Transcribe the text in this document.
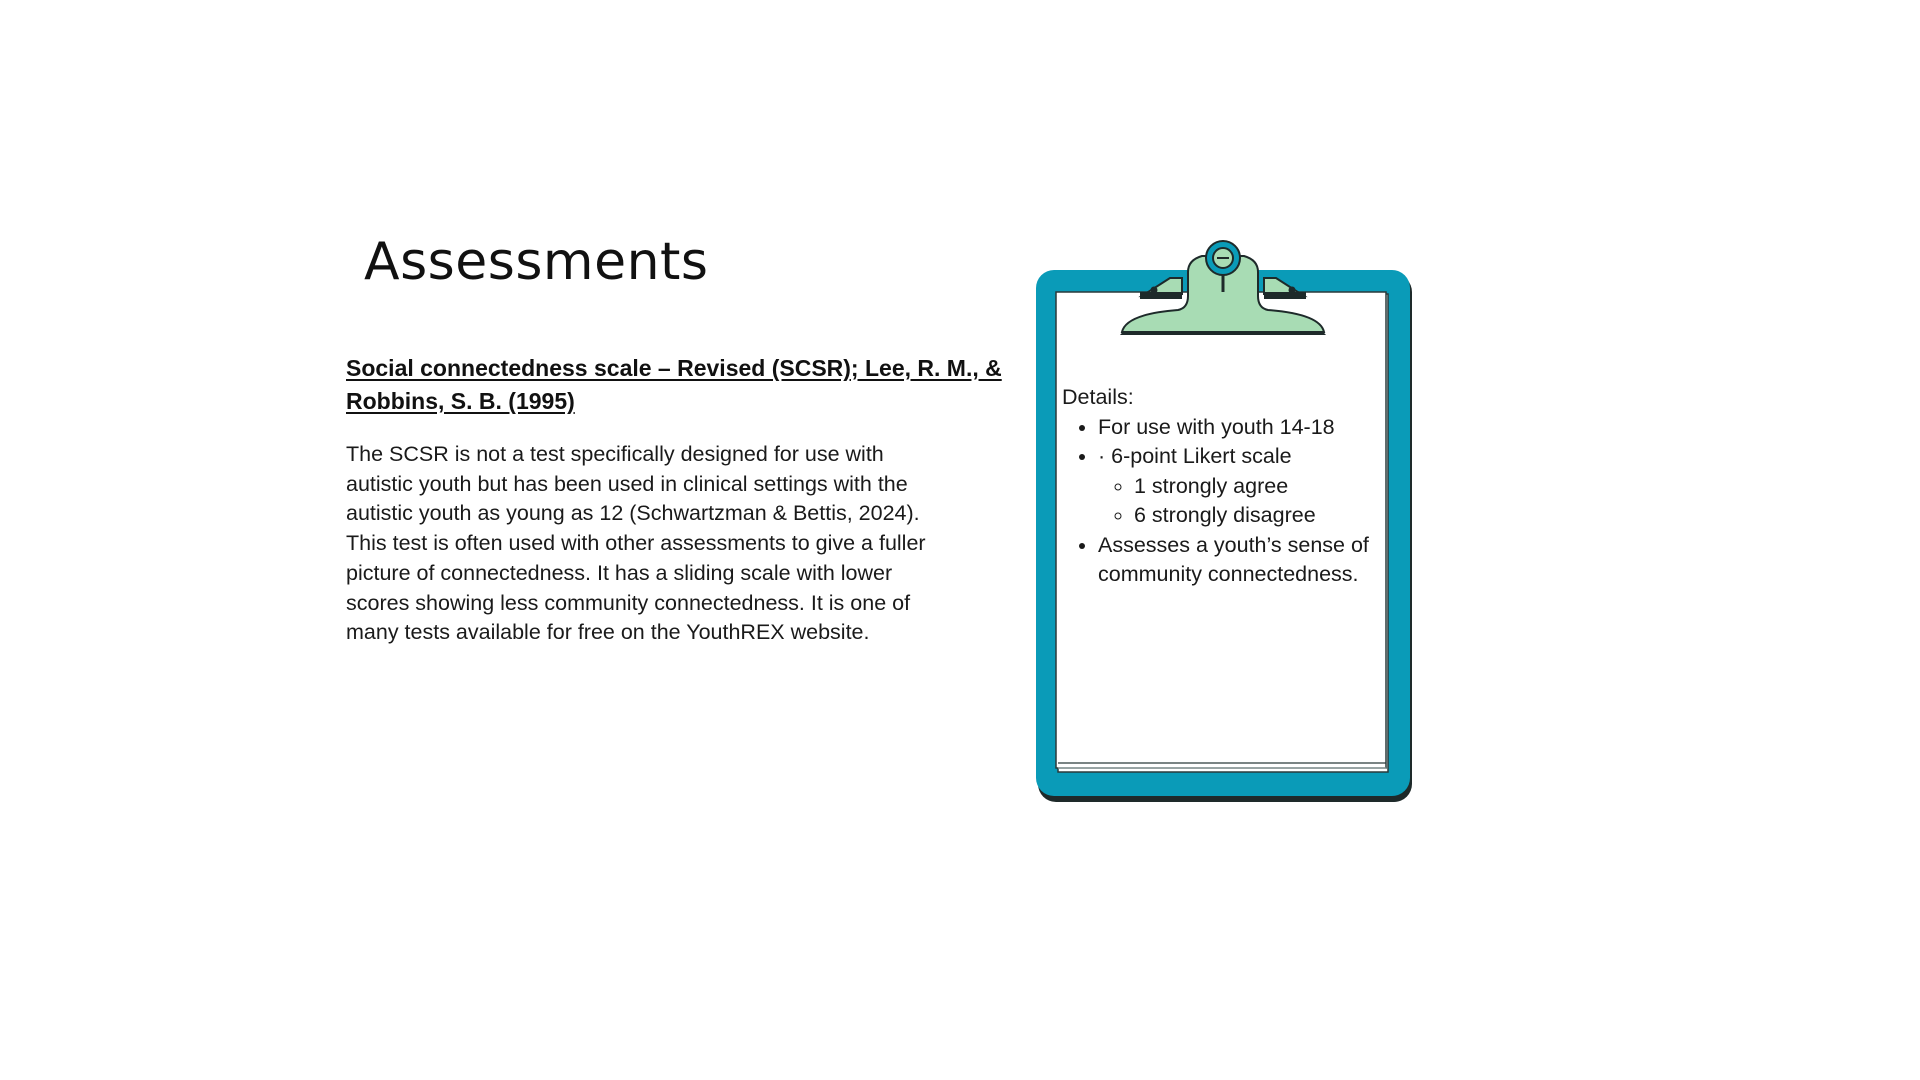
Assessments
Social connectedness scale – Revised (SCSR); Lee, R. M., & Robbins, S. B. (1995)

The SCSR is not a test specifically designed for use with autistic youth but has been used in clinical settings with the autistic youth as young as 12 (Schwartzman & Bettis, 2024). This test is often used with other assessments to give a fuller picture of connectedness. It has a sliding scale with lower scores showing less community connectedness. It is one of many tests available for free on the YouthREX website.

Details:
• For use with youth 14-18
• · 6-point Likert scale
◦ 1 strongly agree
◦ 6 strongly disagree
• Assesses a youth’s sense of community connectedness.
